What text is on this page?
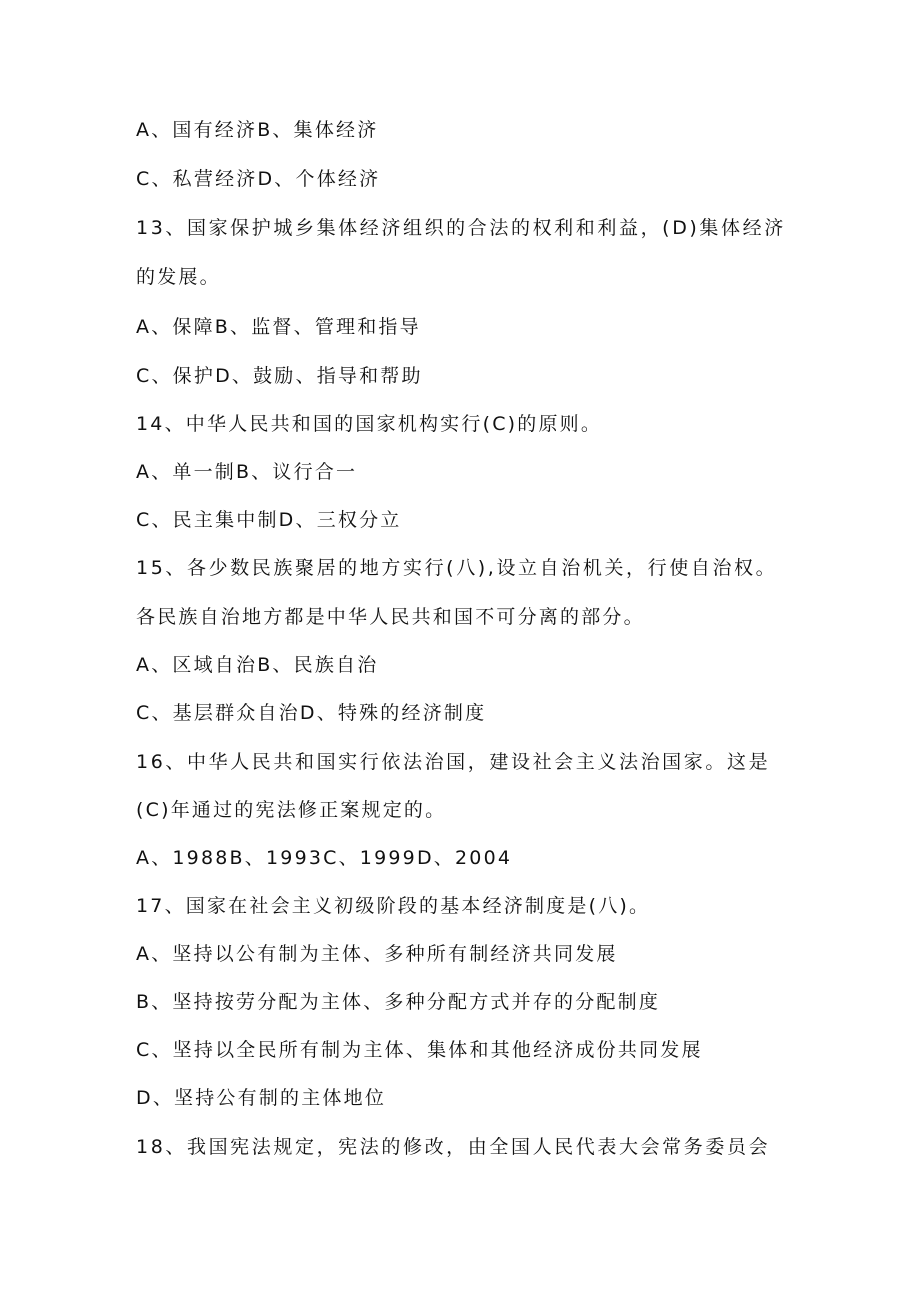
A、国有经济B、集体经济
C、私营经济D、个体经济
13、国家保护城乡集体经济组织的合法的权利和利益，(D)集体经济
的发展。
A、保障B、监督、管理和指导
C、保护D、鼓励、指导和帮助
14、中华人民共和国的国家机构实行(C)的原则。
A、单一制B、议行合一
C、民主集中制D、三权分立
15、各少数民族聚居的地方实行(八),设立自治机关，行使自治权。
各民族自治地方都是中华人民共和国不可分离的部分。
A、区域自治B、民族自治
C、基层群众自治D、特殊的经济制度
16、中华人民共和国实行依法治国，建设社会主义法治国家。这是
(C)年通过的宪法修正案规定的。
A、1988B、1993C、1999D、2004
17、国家在社会主义初级阶段的基本经济制度是(八)。
A、坚持以公有制为主体、多种所有制经济共同发展
B、坚持按劳分配为主体、多种分配方式并存的分配制度
C、坚持以全民所有制为主体、集体和其他经济成份共同发展
D、坚持公有制的主体地位
18、我国宪法规定，宪法的修改，由全国人民代表大会常务委员会
